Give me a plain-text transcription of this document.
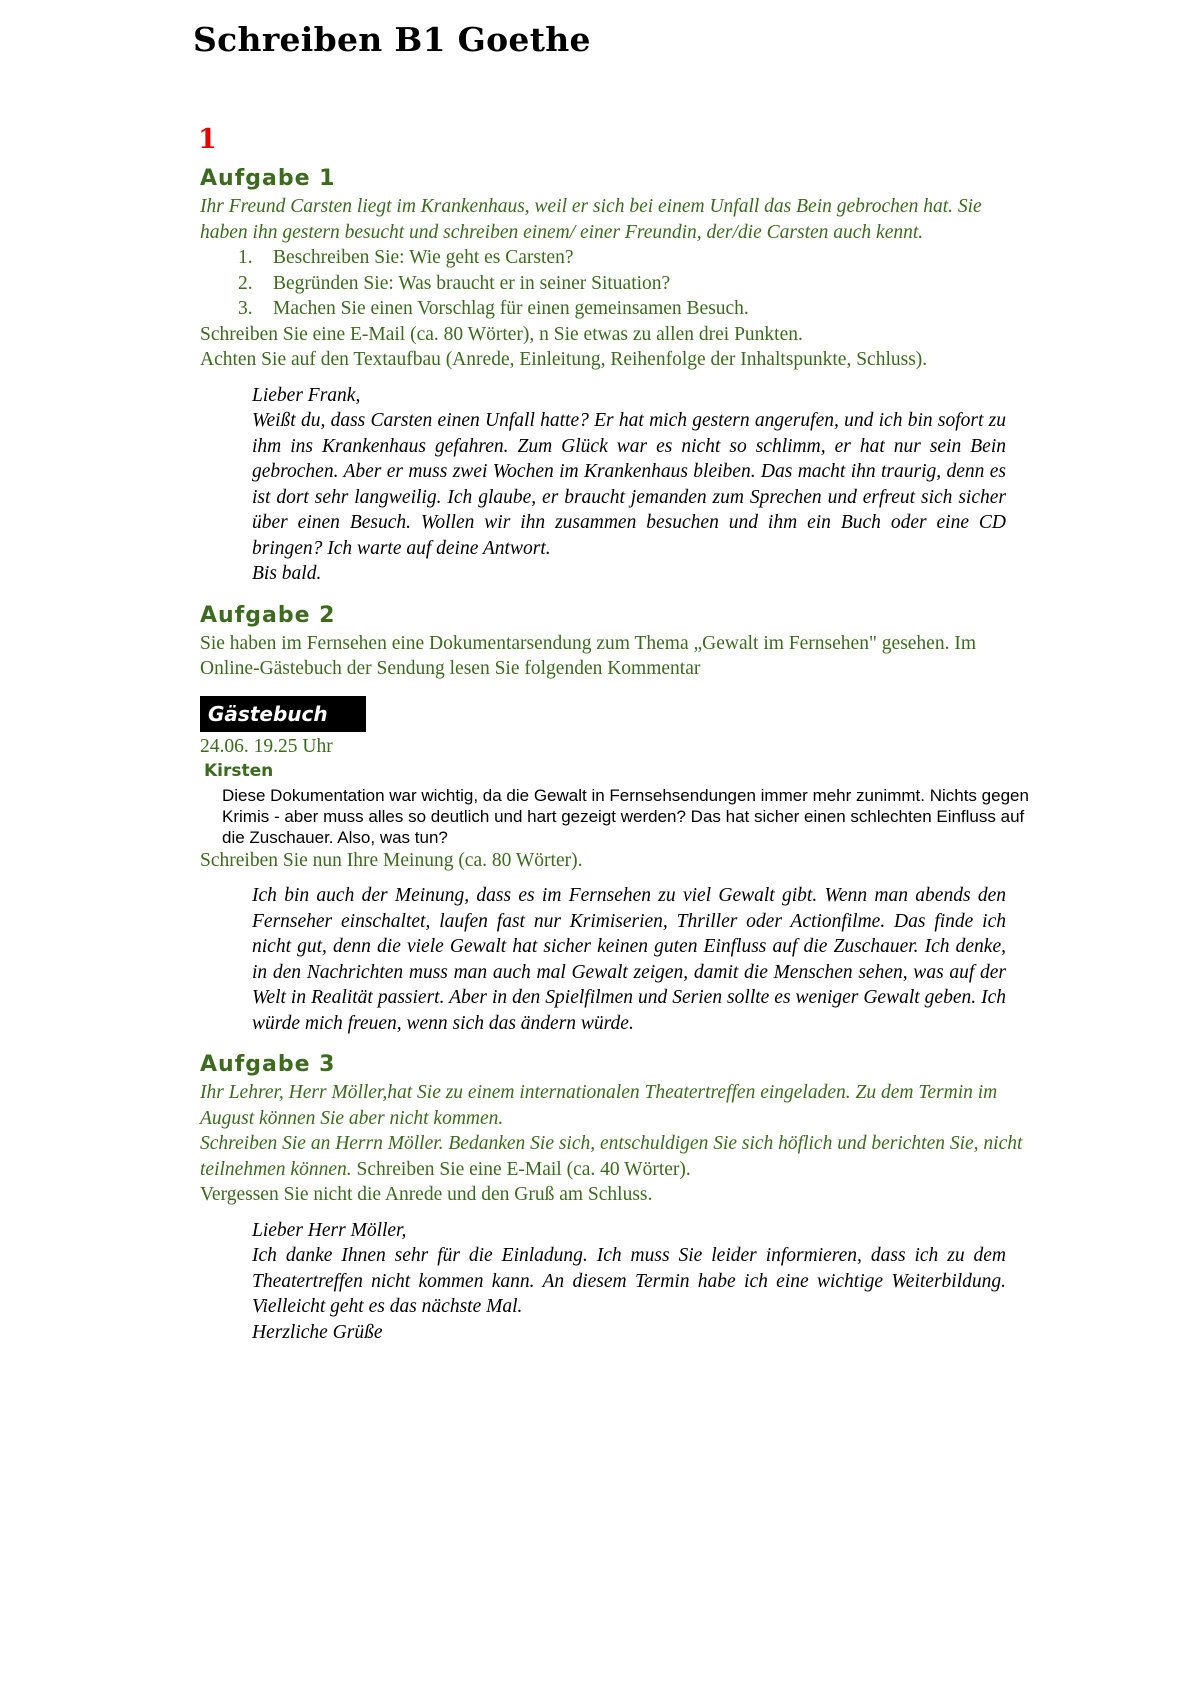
Schreiben B1 Goethe
1
Aufgabe 1

Ihr Freund Carsten liegt im Krankenhaus, weil er sich bei einem Unfall das Bein gebrochen hat. Sie haben ihn gestern besucht und schreiben einem/ einer Freundin, der/die Carsten auch kennt.

1. Beschreiben Sie: Wie geht es Carsten?
2. Begründen Sie: Was braucht er in seiner Situation?
3. Machen Sie einen Vorschlag für einen gemeinsamen Besuch.

Schreiben Sie eine E-Mail (ca. 80 Wörter), n Sie etwas zu allen drei Punkten.

Achten Sie auf den Textaufbau (Anrede, Einleitung, Reihenfolge der Inhaltspunkte, Schluss).

Lieber Frank,

Weißt du, dass Carsten einen Unfall hatte? Er hat mich gestern angerufen, und ich bin sofort zu ihm ins Krankenhaus gefahren. Zum Glück war es nicht so schlimm, er hat nur sein Bein gebrochen. Aber er muss zwei Wochen im Krankenhaus bleiben. Das macht ihn traurig, denn es ist dort sehr langweilig. Ich glaube, er braucht jemanden zum Sprechen und erfreut sich sicher über einen Besuch. Wollen wir ihn zusammen besuchen und ihm ein Buch oder eine CD bringen? Ich warte auf deine Antwort.

Bis bald.

Aufgabe 2

Sie haben im Fernsehen eine Dokumentarsendung zum Thema „Gewalt im Fernsehen" gesehen. Im Online-Gästebuch der Sendung lesen Sie folgenden Kommentar

Gästebuch
24.06. 19.25 Uhr
Kirsten
Diese Dokumentation war wichtig, da die Gewalt in Fernsehsendungen immer mehr zunimmt. Nichts gegen Krimis - aber muss alles so deutlich und hart gezeigt werden? Das hat sicher einen schlechten Einfluss auf die Zuschauer. Also, was tun?

Schreiben Sie nun Ihre Meinung (ca. 80 Wörter).

Ich bin auch der Meinung, dass es im Fernsehen zu viel Gewalt gibt. Wenn man abends den Fernseher einschaltet, laufen fast nur Krimiserien, Thriller oder Actionfilme. Das finde ich nicht gut, denn die viele Gewalt hat sicher keinen guten Einfluss auf die Zuschauer. Ich denke, in den Nachrichten muss man auch mal Gewalt zeigen, damit die Menschen sehen, was auf der Welt in Realität passiert. Aber in den Spielfilmen und Serien sollte es weniger Gewalt geben. Ich würde mich freuen, wenn sich das ändern würde.

Aufgabe 3

Ihr Lehrer, Herr Möller,hat Sie zu einem internationalen Theatertreffen eingeladen. Zu dem Termin im August können Sie aber nicht kommen.

Schreiben Sie an Herrn Möller. Bedanken Sie sich, entschuldigen Sie sich höflich und berichten Sie, nicht teilnehmen können. Schreiben Sie eine E-Mail (ca. 40 Wörter).

Vergessen Sie nicht die Anrede und den Gruß am Schluss.

Lieber Herr Möller,

Ich danke Ihnen sehr für die Einladung. Ich muss Sie leider informieren, dass ich zu dem Theatertreffen nicht kommen kann. An diesem Termin habe ich eine wichtige Weiterbildung. Vielleicht geht es das nächste Mal.

Herzliche Grüße
